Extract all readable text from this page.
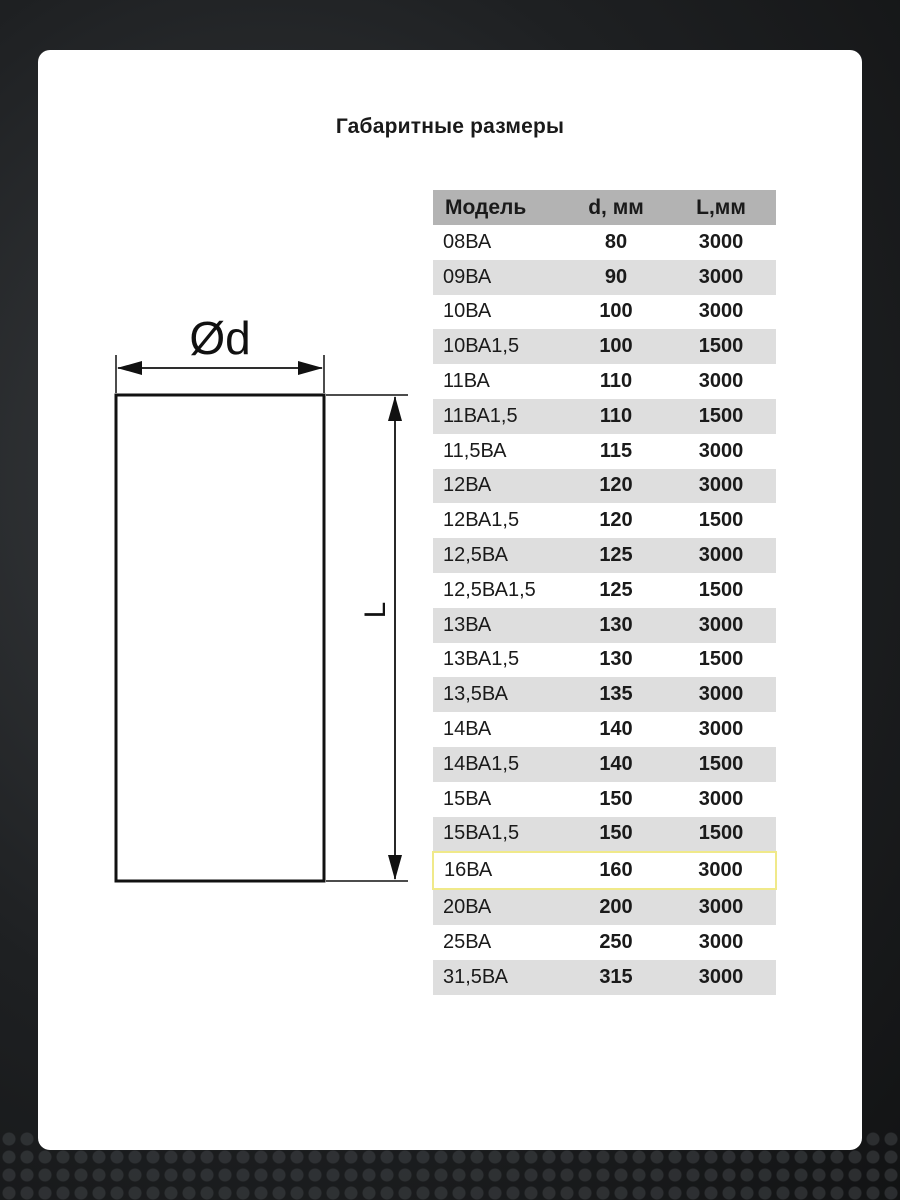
Габаритные размеры
Ød
L
Модель	d, мм	L,мм
08ВА	80	3000
09ВА	90	3000
10ВА	100	3000
10ВА1,5	100	1500
11ВА	110	3000
11ВА1,5	110	1500
11,5ВА	115	3000
12ВА	120	3000
12ВА1,5	120	1500
12,5ВА	125	3000
12,5ВА1,5	125	1500
13ВА	130	3000
13ВА1,5	130	1500
13,5ВА	135	3000
14ВА	140	3000
14ВА1,5	140	1500
15ВА	150	3000
15ВА1,5	150	1500
16ВА	160	3000
20ВА	200	3000
25ВА	250	3000
31,5ВА	315	3000
